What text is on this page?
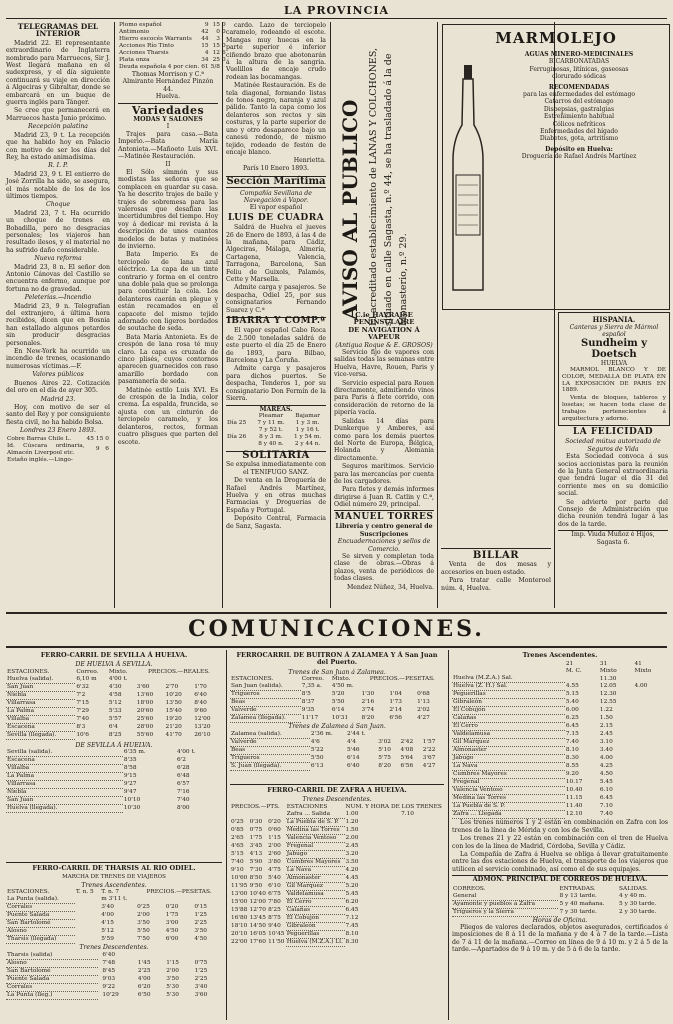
LA PROVINCIA
TELEGRAMAS DEL INTERIOR

Madrid 22. El representante extraordinario de Inglaterra nombrado para Marruecos, Sir J. West llegará mañana en el sudexpress, y el día siguiente continuará su viaje en dirección á Algeciras y Gibraltar, donde se embarcará en un buque de guerra inglés para Tánger.

Se cree que permanecerá en Marruecos hasta Junio próximo.

Recepción palatina

Madrid 23, 9 t. La recepción que ha habido hoy en Palacio con motivo de ser los días del Rey, ha estado animadísima.

R. I. P.

Madrid 23, 9 t. El entierro de José Zorrilla ha sido, se asegura, el más notable de los de los últimos tiempos.

Choque

Madrid 23, 7 t. Ha ocurrido un choque de trenes en Bobadilla, pero no desgracias personales; los viajeros han resultado ilesos, y el material no ha sufrido daño considerable.

Nueva reforma

Madrid 23, 8 n. El señor don Antonio Cánovas del Castillo se encuentra enfermo, aunque por fortuna no de gravedad.

Peleterías.—Incendio

Madrid 23, 9 n. Telegrafían del extranjero, á última hora recibidos, dicen que en Bosnia han estallado algunos petardos sin producir desgracias personales.

En New-York ha ocurrido un incendio de trenes, ocasionando numerosas víctimas.—F.

Valores públicos

Buenos Aires 22. Cotización del oro en el día de ayer 305.

Madrid 23.

Hoy, con motivo de ser el santo del Rey y por consiguiente fiesta civil, no ha habido Bolsa.

Londres 23 Enero 1893.
Cobre Barras Chile L.	45	15	0
Id. Cúscara ordinaria, Almacén Liverpool etc.		9	6
Estaño inglés.—Lingo-			
Plomo español	9	15	0
Antimonio	42	0	0
Hierro escocés Warrants	44	3	
Acciones Río Tinto	15	15	0
Acciones Tharsis	4	12	6
Plata onza	34	25	0
Deuda española 4 por cien.	61	5/8	
Thomas Morrison y C.ª
Almirante Hernández Pinzón 44.
Huelva.
Variedades
MODAS Y SALONES
I

Trajes para casa.—Bata Imperio.—Bata María Antonieta.—Mañoeto Luis XVI.—Matinée Restauración.

II

El Sólo símmón y sus modistas las señoras que se complacen en guardar su casa. Ya he descrito trajes de baile y trajes de sobremesa para las valerosas que desafían las incertidumbres del tiempo. Hoy voy á dedicar mi revista á la descripción de unos cuantos modelos de batas y matinées de invierno.

Bata Imperio. Es de terciopelo de lana azul eléctrico. La capa de un tinte contrario y forma en el centro una doble pala que se prolonga para constituir la cola. Los delanteros caerán en plegue y están recamados en el capacete del mismo tejido adornado con ligeros bordados de soutache de seda.

Bata María Antonieta. Es de crespón de lana rosa té muy claro. La capa es cruzada de cinco plisés, cuyos contornos aparecen guarnecidos con raso amarillo bordado con pasamanería de seda.

Matinée estilo Luis XVI. Es de crespón de la India, color crema. La espalda, fruncida, se ajusta con un cinturón de terciopelo caramelo, y los delanteros, rectos, forman cuatro plisgues que parten del escote.

cardo. Lazo de terciopelo caramelo, rodeando el escote. Mangas muy huecas en la parte superior é inferior ciñendo brazo que abotonarán á la altura de la sangría. Vuelillos de encaje crudo rodean las bocamangas.

Matinée Restauración. Es de tela diagonal, formando listas de tonos negro, naranja y azul pálido. Tanto la capa como los delanteros son rectos y sin costuras, y la parte superior de uno y otro desaparece bajo un canesú redondo, de mismo tejido, rodeado de festón de encaje blanco.

Henrietta.
París 10 Enero 1893.
Sección Marítima
Compañía Sevillana de Navegación á Vapor.
El vapor español
LUIS DE CUADRA

Saldrá de Huelva el jueves 26 de Enero de 1893, á las 4 de la mañana, para Cádiz, Algeciras, Málaga, Almería, Cartagena, Valencia, Tarragona, Barcelona, San Feliu de Guixols, Palamós, Cette y Marsella.

Admite carga y pasajeros. Se despacha, Odiel 25, por sus consignatarios Fernando Suarez y C.ª

IBARRA Y COMP.ª

El vapor español Cabo Roca de 2.500 toneladas saldrá de este puerto el día 25 de Enero de 1893, para Bilbao, Barcelona y La Coruña.

Admite carga y pasajeros para dichos puertos. Se despacha, Tenderos 1, por su consignatario Don Fermín de la Sierra.

MAREAS.
	Pleamar	Bajamar
Día 25	7 y 11 m.	1 y 3 m.
	7 y 52 t.	1 y 16 t.
Día 26	8 y 3 m.	1 y 54 m.
	8 y 40 n.	2 y 44 n.
SOLITARIA

Se expulsa inmediatamente con el TENIFUGO SANZ.

De venta en la Droguería de Rafael Andrés Martínez, Huelva y en otras muchas Farmacias y Droguerías de España y Portugal.

Depósito Central, Farmacia de Sanz, Sagasta.

AVISO AL PUBLICO El acreditado establecimiento de LANAS Y COLCHONES, situado en calle Sagasta, n.º 44, se ha trasladado á la de Monasterio, n.º 29.
C.ie HAVRAISE PENINSULAIRE
DE NAVIGATION Á VAPEUR
(Antigua Roque & E. GROSOS)

Servicio fijo de vapores con salidas todas las semanas entre Huelva, Havre, Rouen, Paris y vice-versa.

Servicio especial para Rouen directamente, admitiendo vinos para Paris á flete corrido, con consideración de retorno de la pipería vacía.

Salidas 14 días para Dunkerque y Amberes, así como para los demás puertos del Norte de Europa, Bélgica, Holanda y Alemania directamente.

Seguros marítimos. Servicio para las mercancías por cuenta de los cargadores.

Para fletes y demás informes dirigirse á Juan R. Catlin y C.ª, Odiel número 29, principal.

MANUEL TORRES
Librería y centro general de Suscripciones
Encuadernaciones y sellos de Comercio.

Se sirven y completan toda clase de obras.—Obras á plazos, venta de periódicos de todas clases.

Mendez Núñez, 34, Huelva.

BILLAR

Venta de dos mesas y accesorios en buen estado.

Para tratar calle Monteroel núm. 4, Huelva.

MARMOLEJO
AGUAS MINERO-MEDICINALES
BICARBONATADAS
Ferruginosas, litínicas, gaseosas
clorurado sódicas
RECOMENDADAS
para las enfermedades del estómago
Catarros del estómago
Dispepsias, gastralgias
Estreñimiento habitual
Cólicos nefríticos
Enfermedades del hígado
Diabetes, gota, artritismo
Depósito en Huelva:
Droguería de Rafael Andrés Martínez
HISPANIA.
Canteras y Sierra de Mármol español
Sundheim y Doetsch
HUELVA

MARMOL BLANCO Y DE COLOR, MEDALLA DE PLATA EN LA EXPOSICIÓN DE PARIS EN 1889.

Venta de bloques, tableros y losetas; se hacen toda clase de trabajos pertenecientes á arquitectura y adorno.

LA FELICIDAD
Sociedad mútua autorizada de Seguros de Vida

Esta Sociedad convoca á sus socios accionistas para la reunión de la Junta General extraordinaria que tendrá lugar el día 31 del corriente mes en su domicilio social.

Se advierte por parte del Consejo de Administración que dicha reunión tendrá lugar á las dos de la tarde.

Imp. Viuda Muñoz é Hijos, Sagasta 6.
COMUNICACIONES.
FERRO-CARRIL DE SEVILLA Á HUELVA.
DE HUELVA Á SEVILLA.
ESTACIONES.	Correo.	Mixto.	PRECIOS.—REALES.		
Huelva (salida).	6,10 m	4'00 t.			
San Juan	6'32	4'30	3'60	2'70	1'70
Niebla	7'2	4'58	13'60	10'20	6'40
Villarrasa	7'15	5'12	18'00	13'50	8'40
La Palma	7'29	5'33	20'60	15'40	9'60
Villalba	7'40	5'57	25'60	19'20	12'00
Escacena	8'3	6'4	28'00	21'20	13'20
Sevilla (llegada).	10'6	8'25	55'60	41'70	26'10
DE SEVILLA Á HUELVA.
Sevilla (salida).	6'35 m.	4'00 t.
Escacena	8'35	6'2
Villalba	8'58	6'28
La Palma	9'15	6'48
Villarrasa	9'27	6'57
Niebla	9'47	7'16
San Juan	10'10	7'40
Huelva (llegada).	10'30	8'00
FERRO-CARRIL DE THARSIS AL RIO ODIEL.
MARCHA DE TRENES DE VIAJEROS
Trenes Ascendentes.
ESTACIONES.	T. n. 5	T. n. 7	PRECIOS.—PESETAS.		
La Punta (salida).		m 3'11 t.			
Corrales		3'40	0'25	0'20	0'15
Puente Salada		4'00	2'00	1'75	1'25
San Bartolomé		4'15	3'50	3'00	2'25
Alosno		5'12	5'50	4'50	3'50
Tharsis (llegada)		5'59	7'50	6'00	4'50
Trenes Descendentes.
Tharsis (salida)		6'40			
Alosno		7'48	1'45	1'15	0'75
San Bartolomé		8'45	2'25	2'00	1'25
Puente Salada		9'03	4'00	3'50	2'25
Corrales		9'22	6'20	5'30	3'40
La Punta (lleg.)		10'29	6'50	5'30	3'60
FERROCARRIL DE BUITRON Á ZALAMEA Y Á San Juan del Puerto.
Trenes de San Juan á Zalamea.
ESTACIONES.	Correo.	Mixto.	PRECIOS.—PESETAS.		
San Juan (salida).	7,35 a.	4'50 m.			
Trigueros	8'5	5'20	1'30	1'04	0'68
Beas	8'37	5'50	2'16	1'73	1'13
Valverde	9'35	6'14	3'74	2'14	2'02
Zalamea (llegada).	11'17	10'31	8'20	6'56	4'27
Trenes de Zalamea á San Juan.
Zalamea (salida).	2'36 m.	2'44 t.			
Valverde	4'6	4'4	3'02	2'42	1'57
Beas	5'22	5'46	5'10	4'08	2'22
Trigueros	5'50	6'14	5'75	5'64	3'67
S. Juan (llegada).	6'13	6'40	8'20	6'56	4'27
FERRO-CARRIL DE ZAFRA A HUELVA.
Trenes Descendentes.
PRECIOS.—PTS.			ESTACIONES	NUM. Y HORA DE LOS TRENES			
			Zafra ... Salida	1.00			7.10
0'25	0'30	0'20	La Puebla de S. P.	1.20			
0'85	0'75	0'60	Medina las Torres	1.50			
2'65	1'75	1'15	Valencia Ventoso	2.00			
4'65	3'45	2'00	Fregenal	2.45			
5'15	4'13	2'60	Jabugo	3.20			
7'40	5'90	3'80	Cumbres Mayores	3.50			
9'10	7'30	4'75	La Nava	4.20			
10'60	8'50	5'40	Almonaster	4.45			
11'95	9'50	6'10	Gil Marquez	5.20			
13'00	10'40	6'75	Valdelamusa	5.45			
15'00	12'00	7'80	El Cerro	6.20			
15'88	12'70	8'25	Calañas	6.45			
16'80	13'45	8'75	El Cobujón	7.12			
18'10	14'50	9'40	Gibraleón	7.45			
20'10	16'05	10'45	Peguerillas	8.10			
22'00	17'60	11'50	Huelva (M.Z.A.) Ll.	8.30			
Trenes Ascendentes.
	21	31	41
	M. C.	Mixto	Mixto
Huelva (M.Z.A.) Sal.		11.30	
Huelva (Z. H.) Sal.	4.55	12.05	4.00
Peguerillas	5.15	12.30	
Gibraleón	5.40	12.55	
El Cobujón	6.00	1.22	
Calañas	6.25	1.50	
El Cerro	6.45	2.15	
Valdelamusa	7.15	2.45	
Gil Marquez	7.40	3.10	
Almonaster	8.10	3.40	
Jabugo	8.30	4.00	
La Nava	8.55	4.25	
Cumbres Mayores	9.20	4.50	
Fregenal	10.17	5.45	
Valencia Ventoso	10.40	6.10	
Medina las Torres	11.15	6.45	
La Puebla de S. P.	11.40	7.10	
Zafra ... Llegada	12.10	7.40	

Los trenes números 1 y 2 están en combinación en Zafra con los trenes de la línea de Mérida y con los de Sevilla.

Los trenes 21 y 22 están en combinación con el tren de Huelva con los de la línea de Madrid, Córdoba, Sevilla y Cádiz.

La Compañía de Zafra á Huelva se obliga á llevar gratuitamente entre las dos estaciones de Huelva, el transporte de los viajeros que utilicen el servicio combinado, así como el de sus equipajes.

ADMON. PRINCIPAL DE CORREOS DE HUELVA.
CORREOS.	ENTRADAS.	SALIDAS.
General	8 y 13 tarde.	4 y 40 m.
Ayamonte y pueblos á Zafra	5 y 40 mañana.	5 y 30 tarde.
Trigueros y la Sierra	7 y 30 tarde.	2 y 30 tarde.
Horas de Oficina.

Pliegos de valores declarados, objetos asegurados, certificados é imposiciones de 8 á 11 de la mañana y de 4 á 7 de la tarde.—Lista de 7 á 11 de la mañana.—Correo en línea de 9 á 10 m. y 2 á 5 de la tarde.—Apartados de 9 á 10 m. y de 5 á 6 de la tarde.
